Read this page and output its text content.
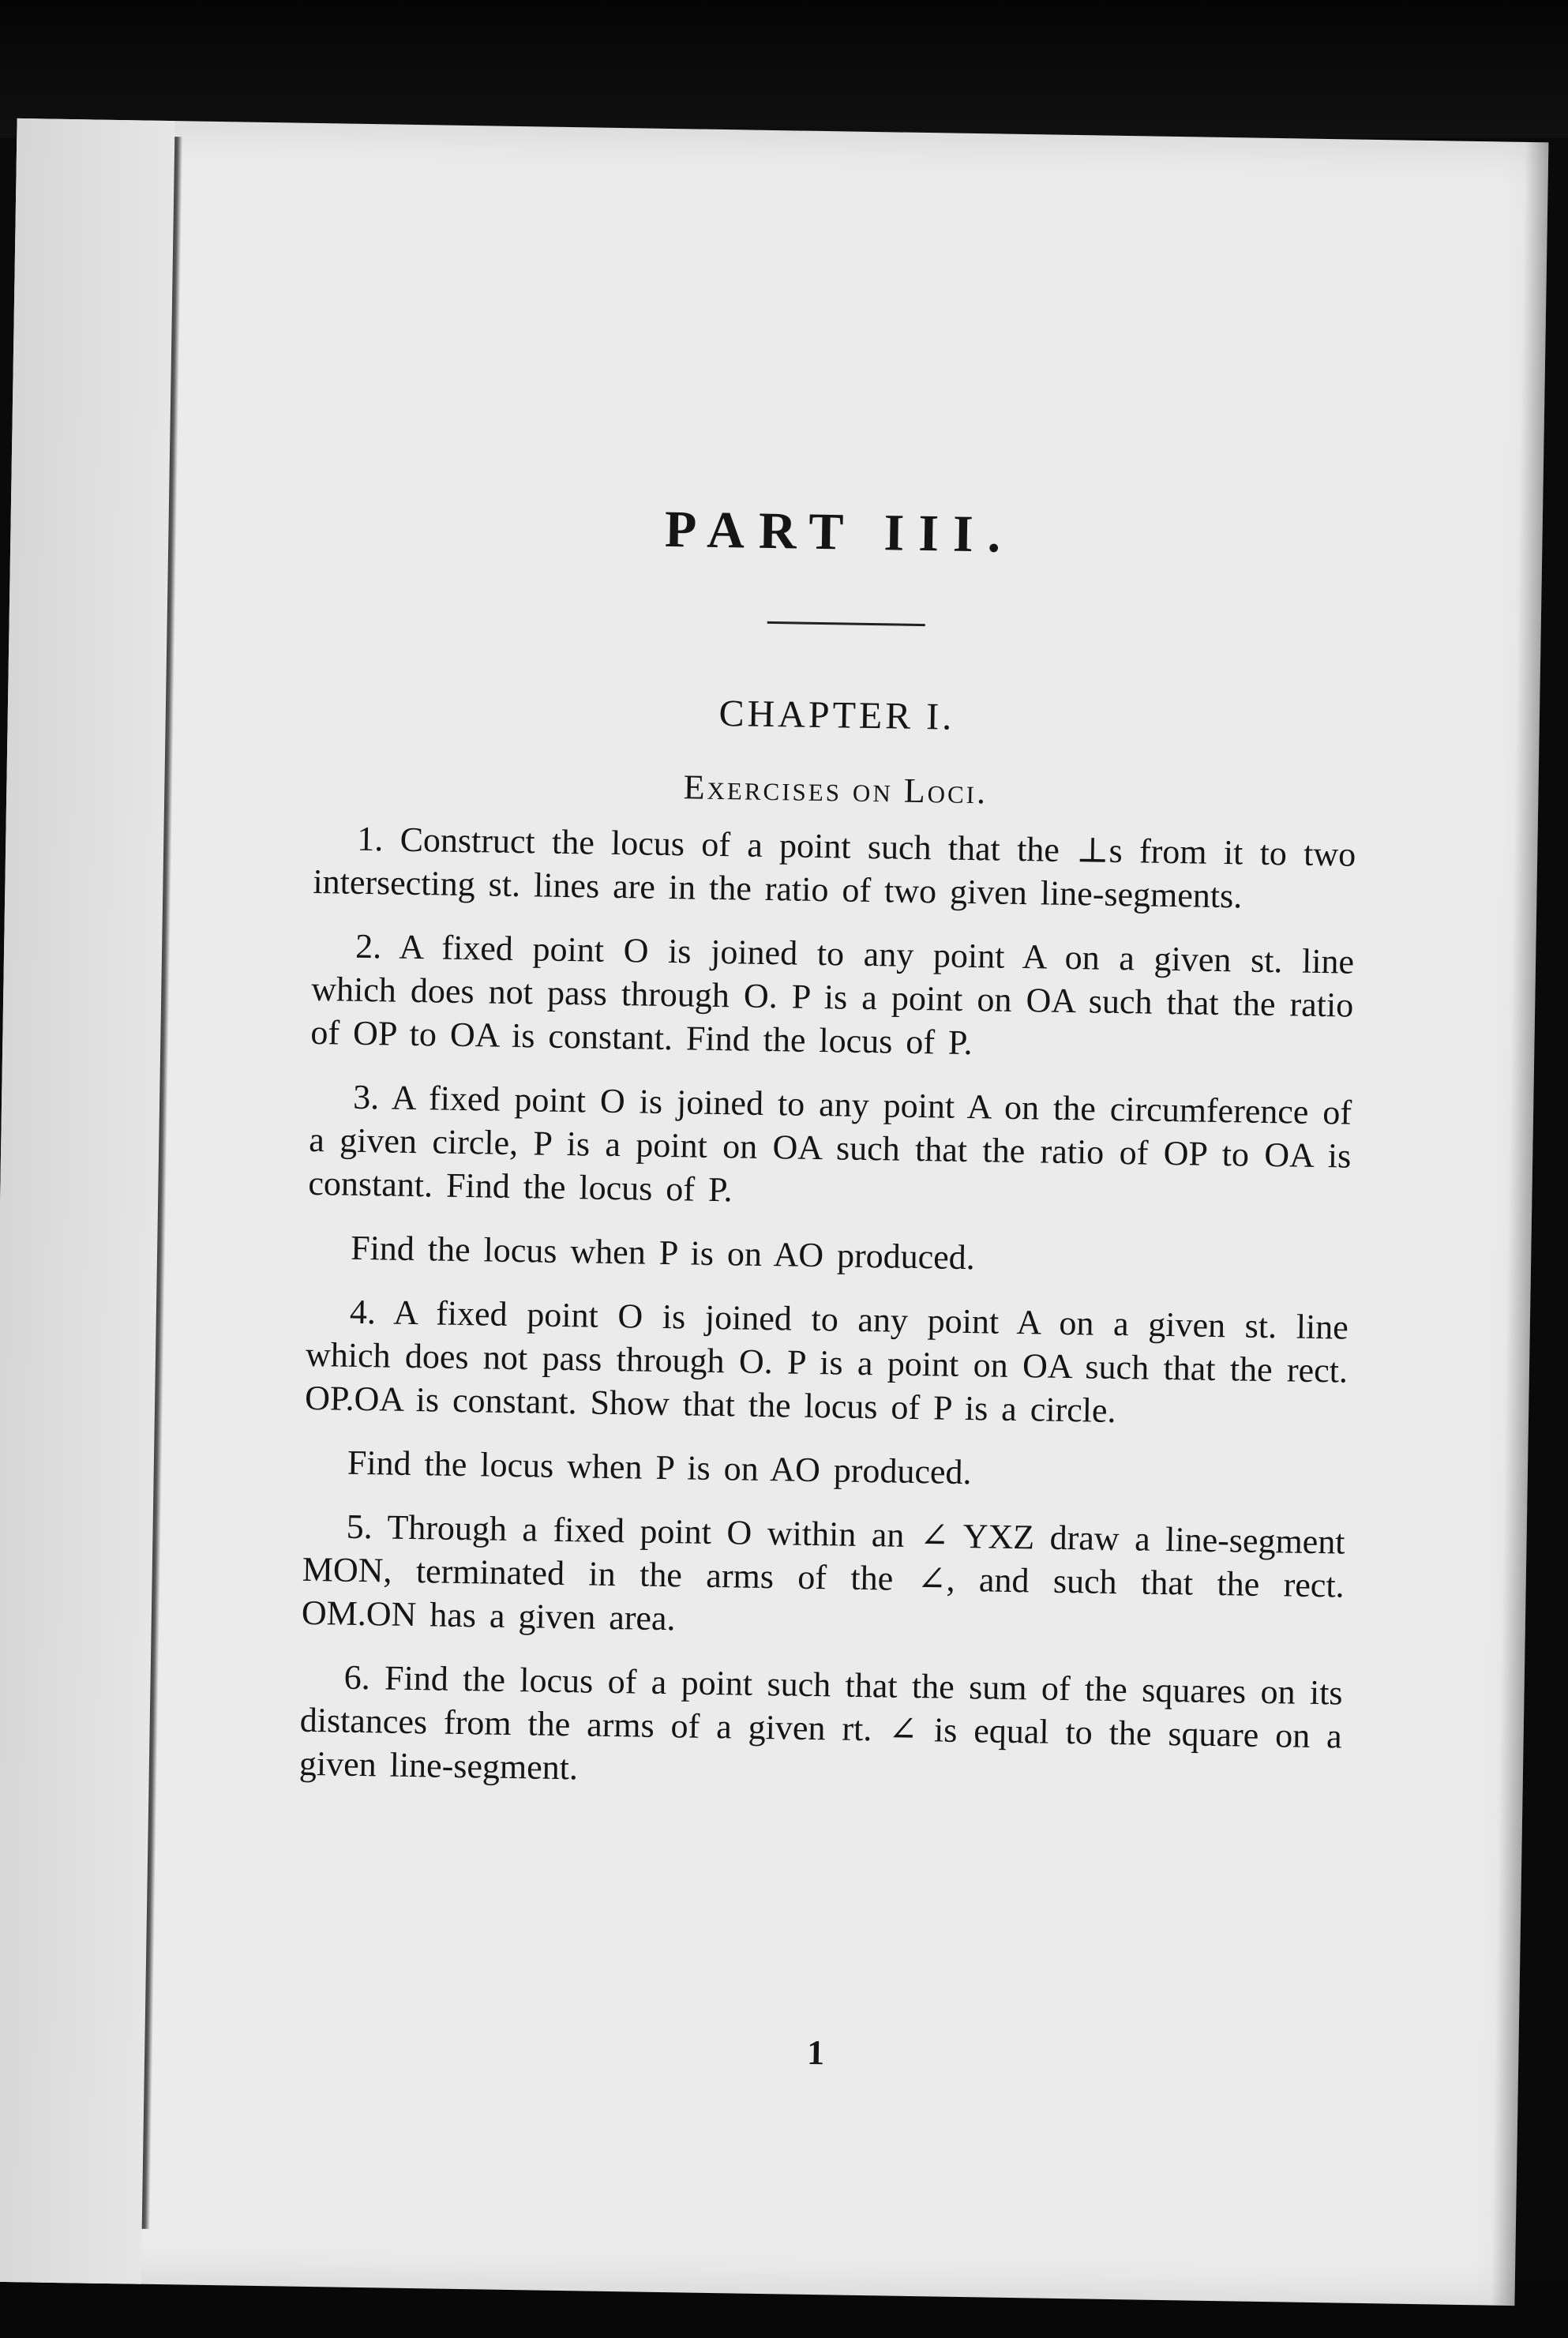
PART III.
CHAPTER I.
Exercises on Loci.

1. Construct the locus of a point such that the ⊥s from it to two intersecting st. lines are in the ratio of two given line-segments.

2. A fixed point O is joined to any point A on a given st. line which does not pass through O. P is a point on OA such that the ratio of OP to OA is constant. Find the locus of P.

3. A fixed point O is joined to any point A on the circumference of a given circle, P is a point on OA such that the ratio of OP to OA is constant. Find the locus of P.

Find the locus when P is on AO produced.

4. A fixed point O is joined to any point A on a given st. line which does not pass through O. P is a point on OA such that the rect. OP.OA is constant. Show that the locus of P is a circle.

Find the locus when P is on AO produced.

5. Through a fixed point O within an ∠ YXZ draw a line-segment MON, terminated in the arms of the ∠, and such that the rect. OM.ON has a given area.

6. Find the locus of a point such that the sum of the squares on its distances from the arms of a given rt. ∠ is equal to the square on a given line-segment.

1
